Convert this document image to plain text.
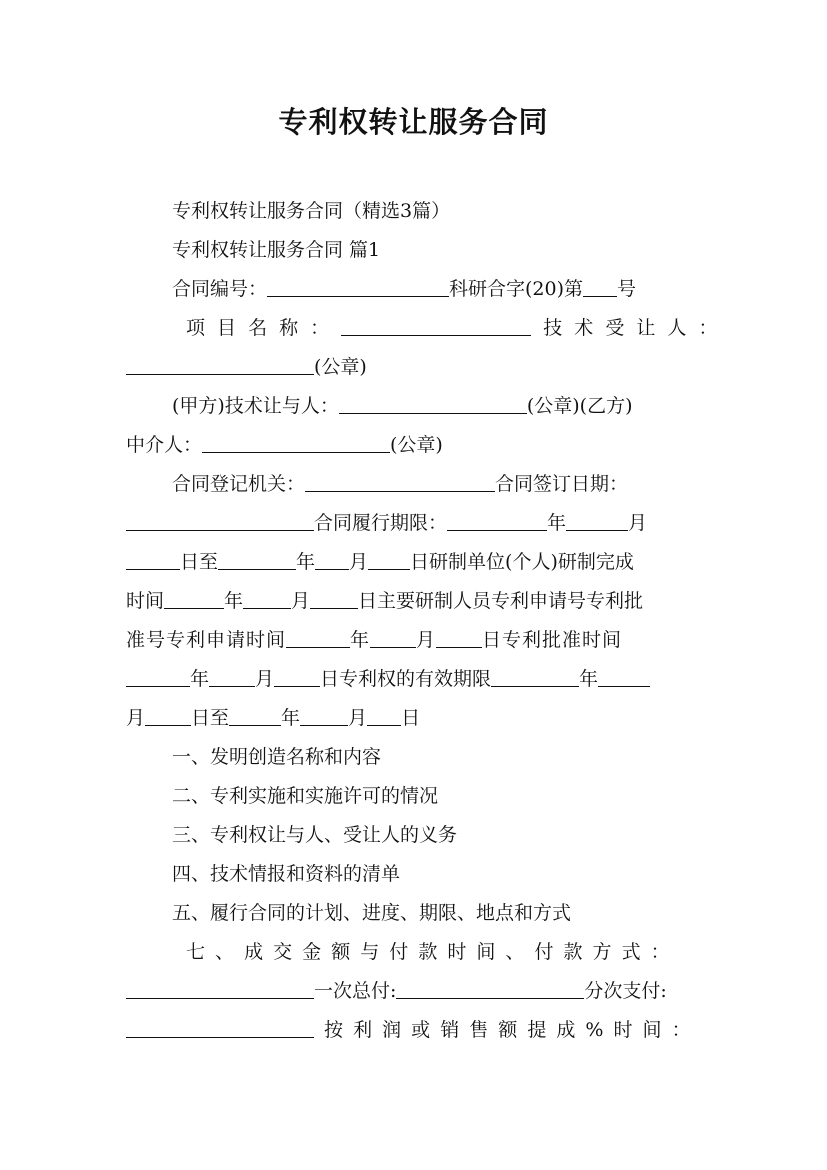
专利权转让服务合同
专利权转让服务合同（精选3篇）
专利权转让服务合同 篇1
合同编号：	科研合字(20)第 号
项 目 名 称 ：	技 术 受 让 人 ：
(公章)
(甲方)技术让与人：	(公章)(乙方)
中介人：	(公章)
合同登记机关：	合同签订日期：
合同履行期限：	年	月
日至	年 月 日研制单位(个人)研制完成
时间	年	月	日主要研制人员专利申请号专利批
准号专利申请时间	年 月 日专利批准时间
年 月 日专利权的有效期限	年
月 日至	年	月 日
一、发明创造名称和内容
二、专利实施和实施许可的情况
三、专利权让与人、受让人的义务
四、技术情报和资料的清单
五、履行合同的计划、进度、期限、地点和方式
七 、 成 交 金 额 与 付 款 时 间 、 付 款 方 式 ：
一次总付:	分次支付:
按 利 润 或 销 售 额 提 成 % 时 间 ：
